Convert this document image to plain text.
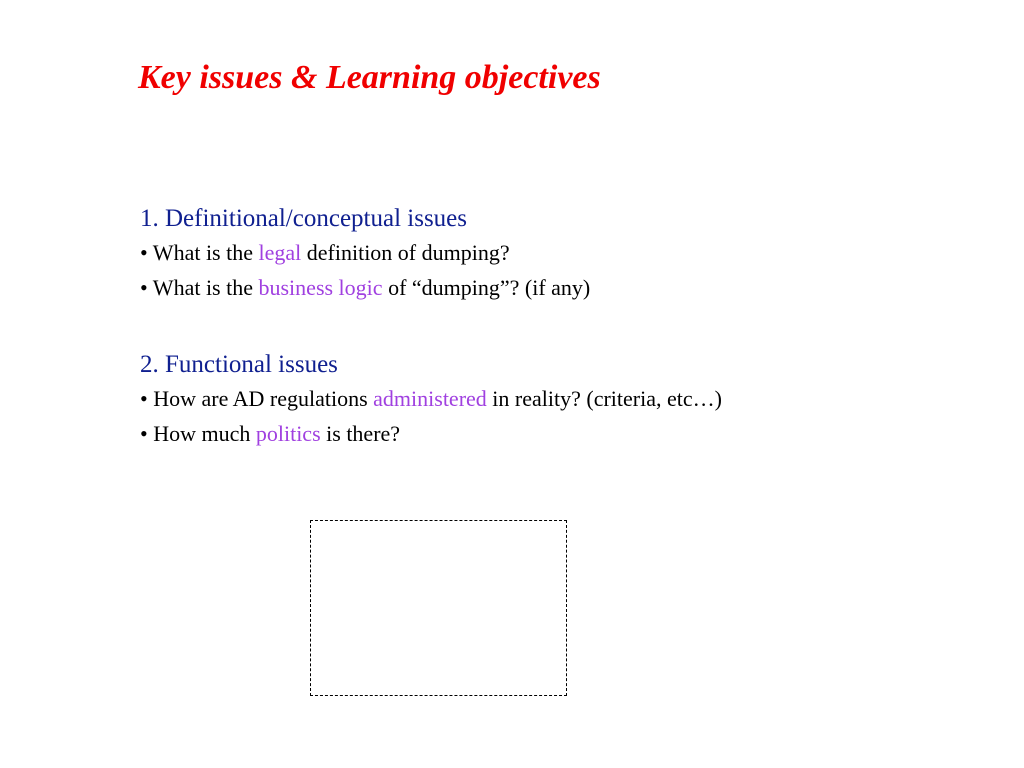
Key issues & Learning objectives
1. Definitional/conceptual issues
• What is the legal definition of dumping?
• What is the business logic of “dumping”? (if any)
2. Functional issues
• How are AD regulations administered in reality? (criteria, etc…)
• How much politics is there?
